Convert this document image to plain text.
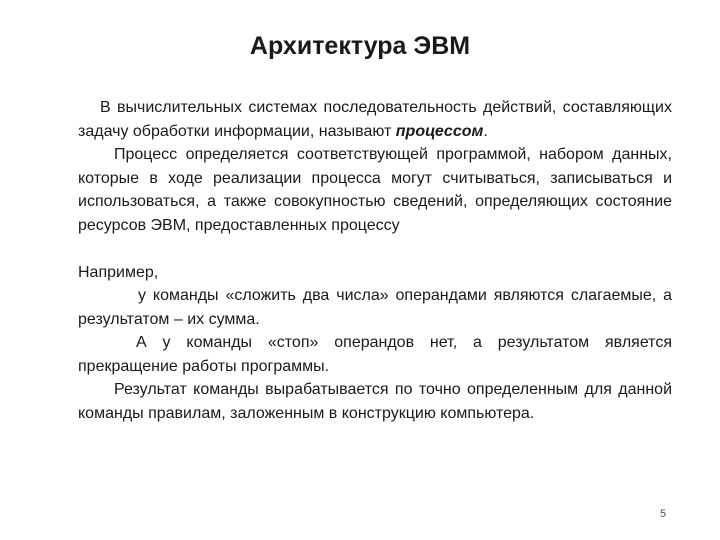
Архитектура ЭВМ

В вычислительных системах последовательность действий, составляющих задачу обработки информации, называют процессом.

Процесс определяется соответствующей программой, набором данных, которые в ходе реализации процесса могут считываться, записываться и использоваться, а также совокупностью сведений, определяющих состояние ресурсов ЭВМ, предоставленных процессу

Например,

у команды «сложить два числа» операндами являются слагаемые, а результатом – их сумма.

А у команды «стоп» операндов нет, а результатом является прекращение работы программы.

Результат команды вырабатывается по точно определенным для данной команды правилам, заложенным в конструкцию компьютера.

5
